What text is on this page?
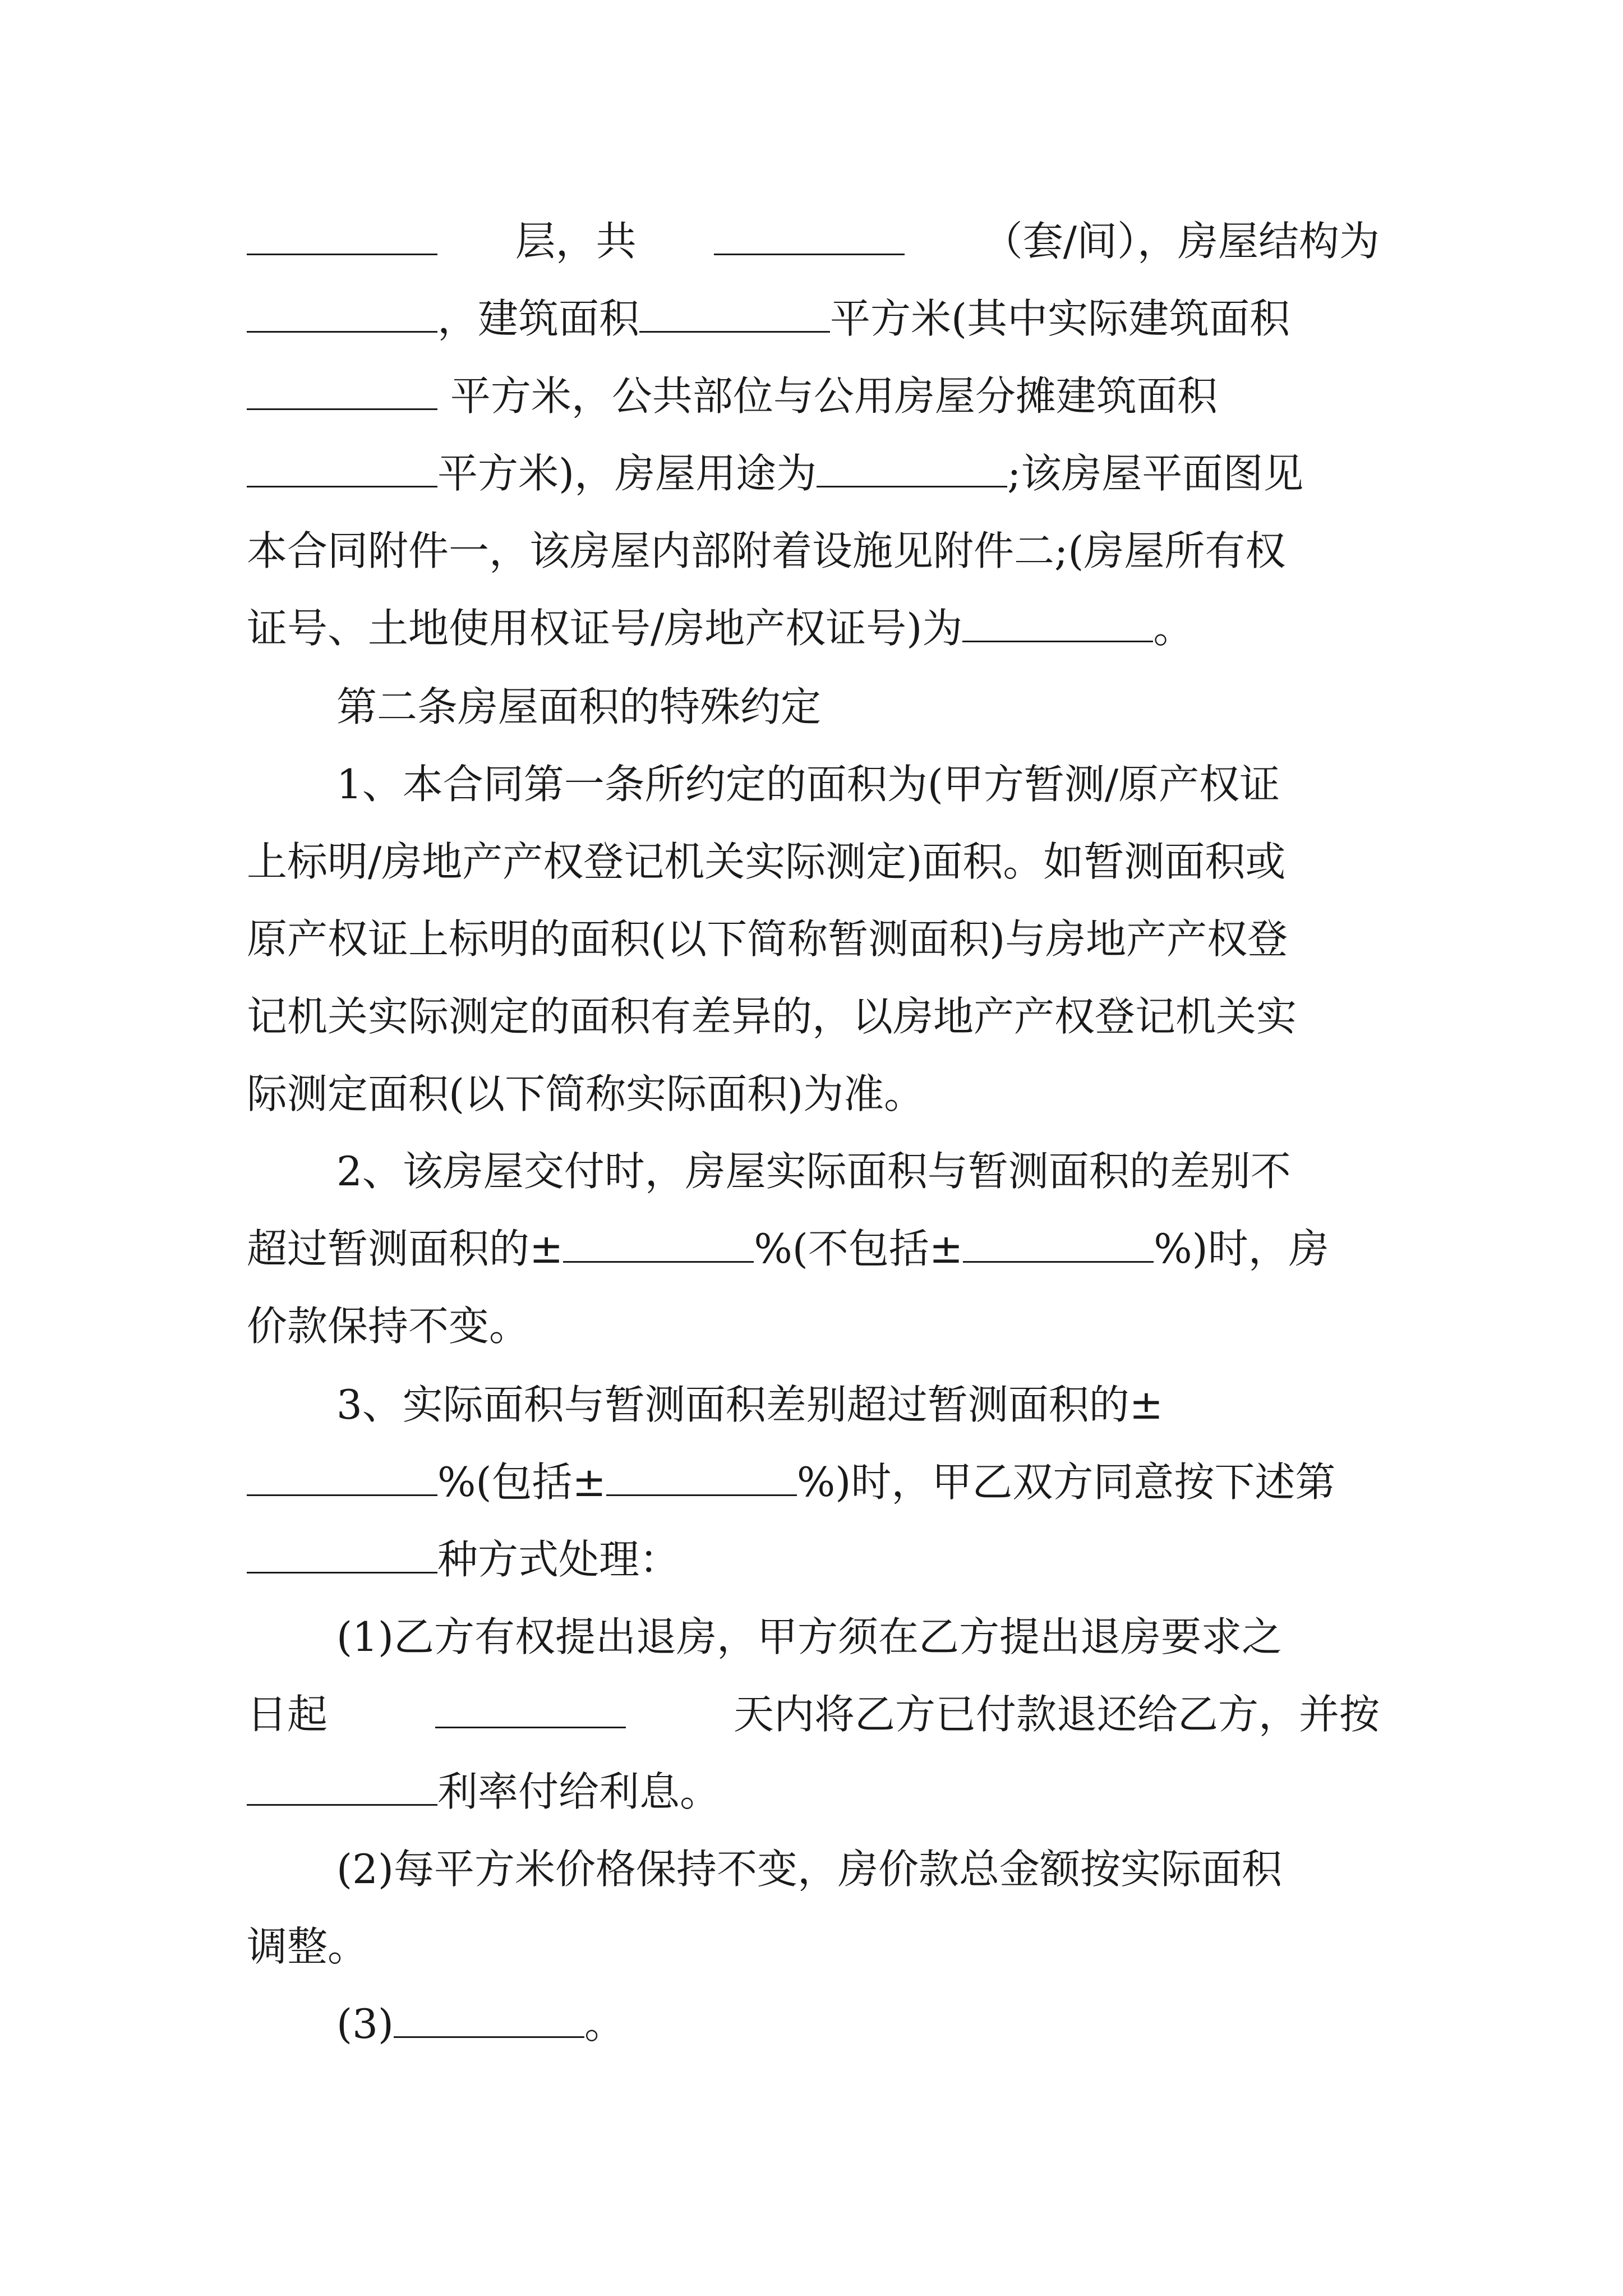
层，共	（套/间），房屋结构为
，建筑面积	平方米(其中实际建筑面积
平方米，公共部位与公用房屋分摊建筑面积
平方米)，房屋用途为	;该房屋平面图见
本合同附件一，该房屋内部附着设施见附件二;(房屋所有权
证号、土地使用权证号/房地产权证号)为	。
第二条房屋面积的特殊约定
1、本合同第一条所约定的面积为(甲方暂测/原产权证
上标明/房地产产权登记机关实际测定)面积。如暂测面积或
原产权证上标明的面积(以下简称暂测面积)与房地产产权登
记机关实际测定的面积有差异的，以房地产产权登记机关实
际测定面积(以下简称实际面积)为准。
2、该房屋交付时，房屋实际面积与暂测面积的差别不
超过暂测面积的±	%(不包括±	%)时，房
价款保持不变。
3、实际面积与暂测面积差别超过暂测面积的±
%(包括±	%)时，甲乙双方同意按下述第
种方式处理：
(1)乙方有权提出退房，甲方须在乙方提出退房要求之
日起	天内将乙方已付款退还给乙方，并按
利率付给利息。
(2)每平方米价格保持不变，房价款总金额按实际面积
调整。
(3)	。
